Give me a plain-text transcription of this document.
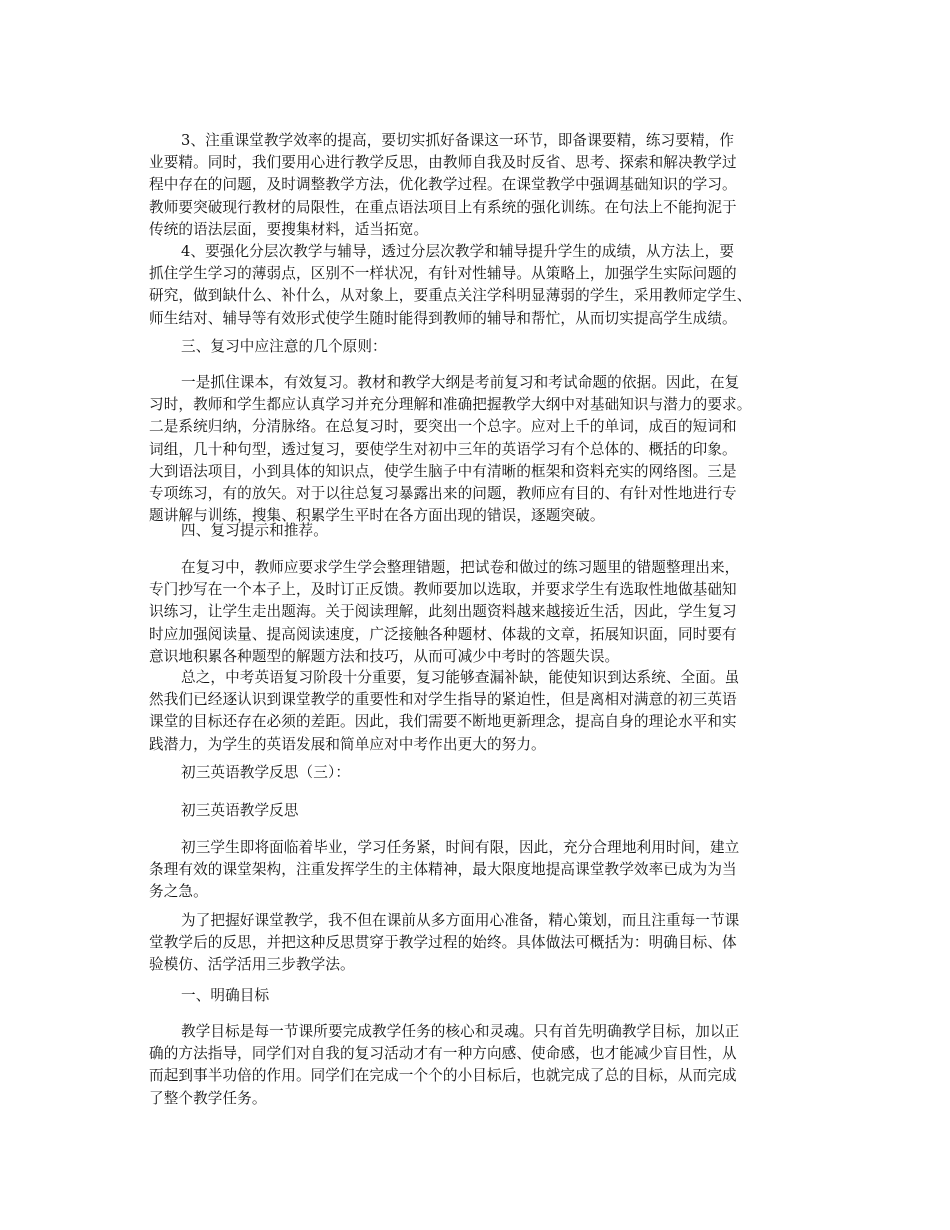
3、注重课堂教学效率的提高，要切实抓好备课这一环节，即备课要精，练习要精，作
业要精。同时，我们要用心进行教学反思，由教师自我及时反省、思考、探索和解决教学过
程中存在的问题，及时调整教学方法，优化教学过程。在课堂教学中强调基础知识的学习。
教师要突破现行教材的局限性，在重点语法项目上有系统的强化训练。在句法上不能拘泥于
传统的语法层面，要搜集材料，适当拓宽。
4、要强化分层次教学与辅导，透过分层次教学和辅导提升学生的成绩，从方法上，要
抓住学生学习的薄弱点，区别不一样状况，有针对性辅导。从策略上，加强学生实际问题的
研究，做到缺什么、补什么，从对象上，要重点关注学科明显薄弱的学生，采用教师定学生、
师生结对、辅导等有效形式使学生随时能得到教师的辅导和帮忙，从而切实提高学生成绩。
三、复习中应注意的几个原则：
一是抓住课本，有效复习。教材和教学大纲是考前复习和考试命题的依据。因此，在复
习时，教师和学生都应认真学习并充分理解和准确把握教学大纲中对基础知识与潜力的要求。
二是系统归纳，分清脉络。在总复习时，要突出一个总字。应对上千的单词，成百的短词和
词组，几十种句型，透过复习，要使学生对初中三年的英语学习有个总体的、概括的印象。
大到语法项目，小到具体的知识点，使学生脑子中有清晰的框架和资料充实的网络图。三是
专项练习，有的放矢。对于以往总复习暴露出来的问题，教师应有目的、有针对性地进行专
题讲解与训练，搜集、积累学生平时在各方面出现的错误，逐题突破。
四、复习提示和推荐。
在复习中，教师应要求学生学会整理错题，把试卷和做过的练习题里的错题整理出来，
专门抄写在一个本子上，及时订正反馈。教师要加以选取，并要求学生有选取性地做基础知
识练习，让学生走出题海。关于阅读理解，此刻出题资料越来越接近生活，因此，学生复习
时应加强阅读量、提高阅读速度，广泛接触各种题材、体裁的文章，拓展知识面，同时要有
意识地积累各种题型的解题方法和技巧，从而可减少中考时的答题失误。
总之，中考英语复习阶段十分重要，复习能够查漏补缺，能使知识到达系统、全面。虽
然我们已经逐认识到课堂教学的重要性和对学生指导的紧迫性，但是离相对满意的初三英语
课堂的目标还存在必须的差距。因此，我们需要不断地更新理念，提高自身的理论水平和实
践潜力，为学生的英语发展和简单应对中考作出更大的努力。
初三英语教学反思（三）：
初三英语教学反思
初三学生即将面临着毕业，学习任务紧，时间有限，因此，充分合理地利用时间，建立
条理有效的课堂架构，注重发挥学生的主体精神，最大限度地提高课堂教学效率已成为为当
务之急。
为了把握好课堂教学，我不但在课前从多方面用心准备，精心策划，而且注重每一节课
堂教学后的反思，并把这种反思贯穿于教学过程的始终。具体做法可概括为：明确目标、体
验模仿、活学活用三步教学法。
一、明确目标
教学目标是每一节课所要完成教学任务的核心和灵魂。只有首先明确教学目标，加以正
确的方法指导，同学们对自我的复习活动才有一种方向感、使命感，也才能减少盲目性，从
而起到事半功倍的作用。同学们在完成一个个的小目标后，也就完成了总的目标，从而完成
了整个教学任务。
